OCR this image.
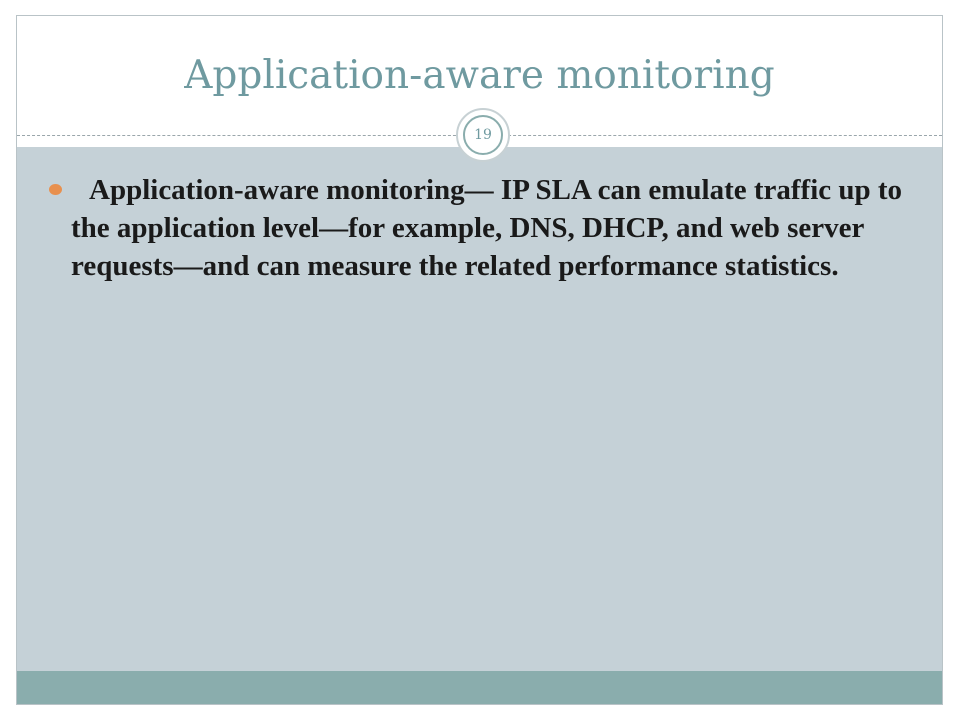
Application-aware monitoring
19
Application-aware monitoring— IP SLA can emulate traffic up to the application level—for example, DNS, DHCP, and web server requests—and can measure the related performance statistics.
